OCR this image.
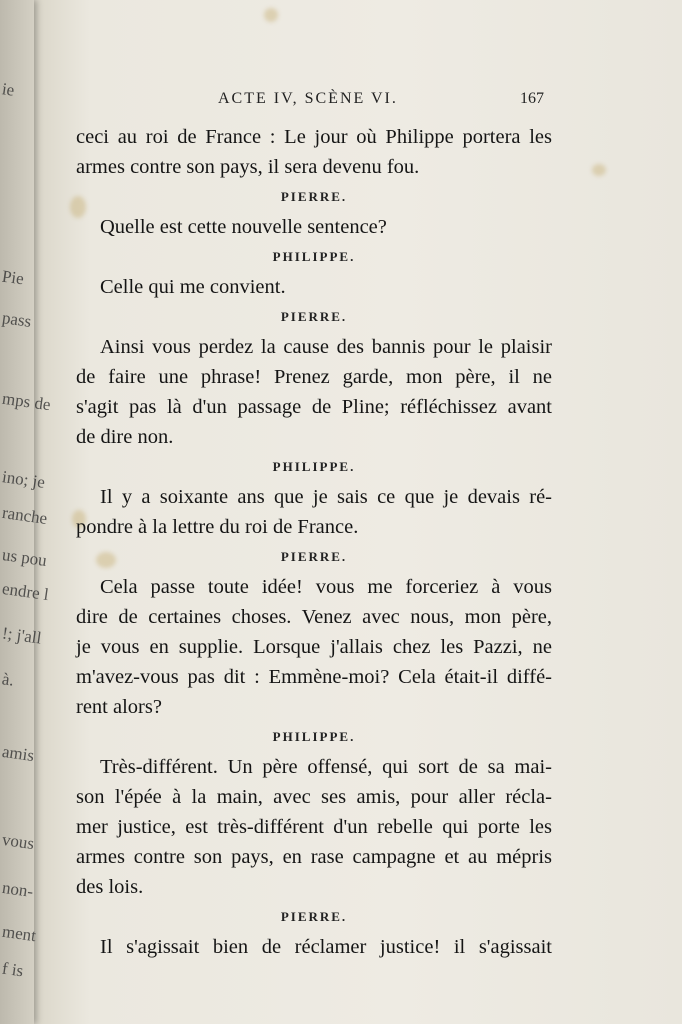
ie
Pie
pass
mps de
ino; je
ranche
us pou
endre l
!; j'all
à.
amis
vous
non-
ment
f is
ACTE IV, SCÈNE VI.	167
ceci au roi de France : Le jour où Philippe portera les
armes contre son pays, il sera devenu fou.
PIERRE.
Quelle est cette nouvelle sentence?
PHILIPPE.
Celle qui me convient.
PIERRE.
Ainsi vous perdez la cause des bannis pour le plaisir
de faire une phrase! Prenez garde, mon père, il ne
s'agit pas là d'un passage de Pline; réfléchissez avant
de dire non.
PHILIPPE.
Il y a soixante ans que je sais ce que je devais ré-
pondre à la lettre du roi de France.
PIERRE.
Cela passe toute idée! vous me forceriez à vous
dire de certaines choses. Venez avec nous, mon père,
je vous en supplie. Lorsque j'allais chez les Pazzi, ne
m'avez-vous pas dit : Emmène-moi? Cela était-il diffé-
rent alors?
PHILIPPE.
Très-différent. Un père offensé, qui sort de sa mai-
son l'épée à la main, avec ses amis, pour aller récla-
mer justice, est très-différent d'un rebelle qui porte les
armes contre son pays, en rase campagne et au mépris
des lois.
PIERRE.
Il s'agissait bien de réclamer justice! il s'agissait
